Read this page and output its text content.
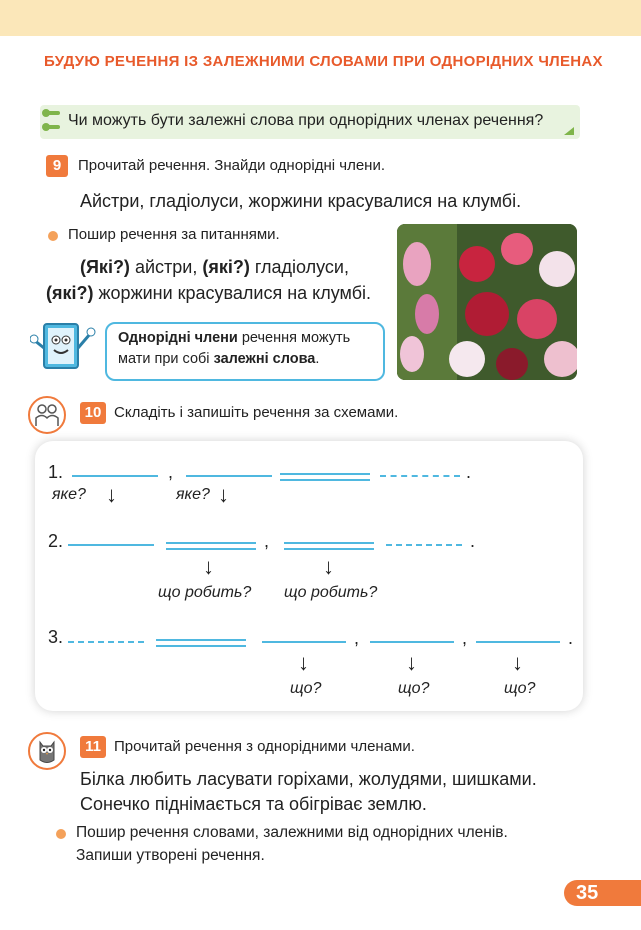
БУДУЮ РЕЧЕННЯ ІЗ ЗАЛЕЖНИМИ СЛОВАМИ ПРИ ОДНОРІДНИХ ЧЛЕНАХ
Чи можуть бути залежні слова при однорідних членах речення?
9	Прочитай речення. Знайди однорідні члени.
Айстри, гладіолуси, жоржини красувалися на клумбі.
Пошир речення за питаннями.
(Які?) айстри, (які?) гладіолуси,
(які?) жоржини красувалися на клумбі.
Однорідні члени речення можуть
мати при собі залежні слова.
10 Складіть і запишіть речення за схемами.
1.	,	.
яке? ↓	яке? ↓
2.	,	.
↓	↓
що робить? що робить?
3.	,	,	.
↓	↓	↓
що?	що?	що?
11 Прочитай речення з однорідними членами.
Білка любить ласувати горіхами, жолудями, шишками.
Сонечко піднімається та обігріває землю.
Пошир речення словами, залежними від однорідних членів.
Запиши утворені речення.
35
